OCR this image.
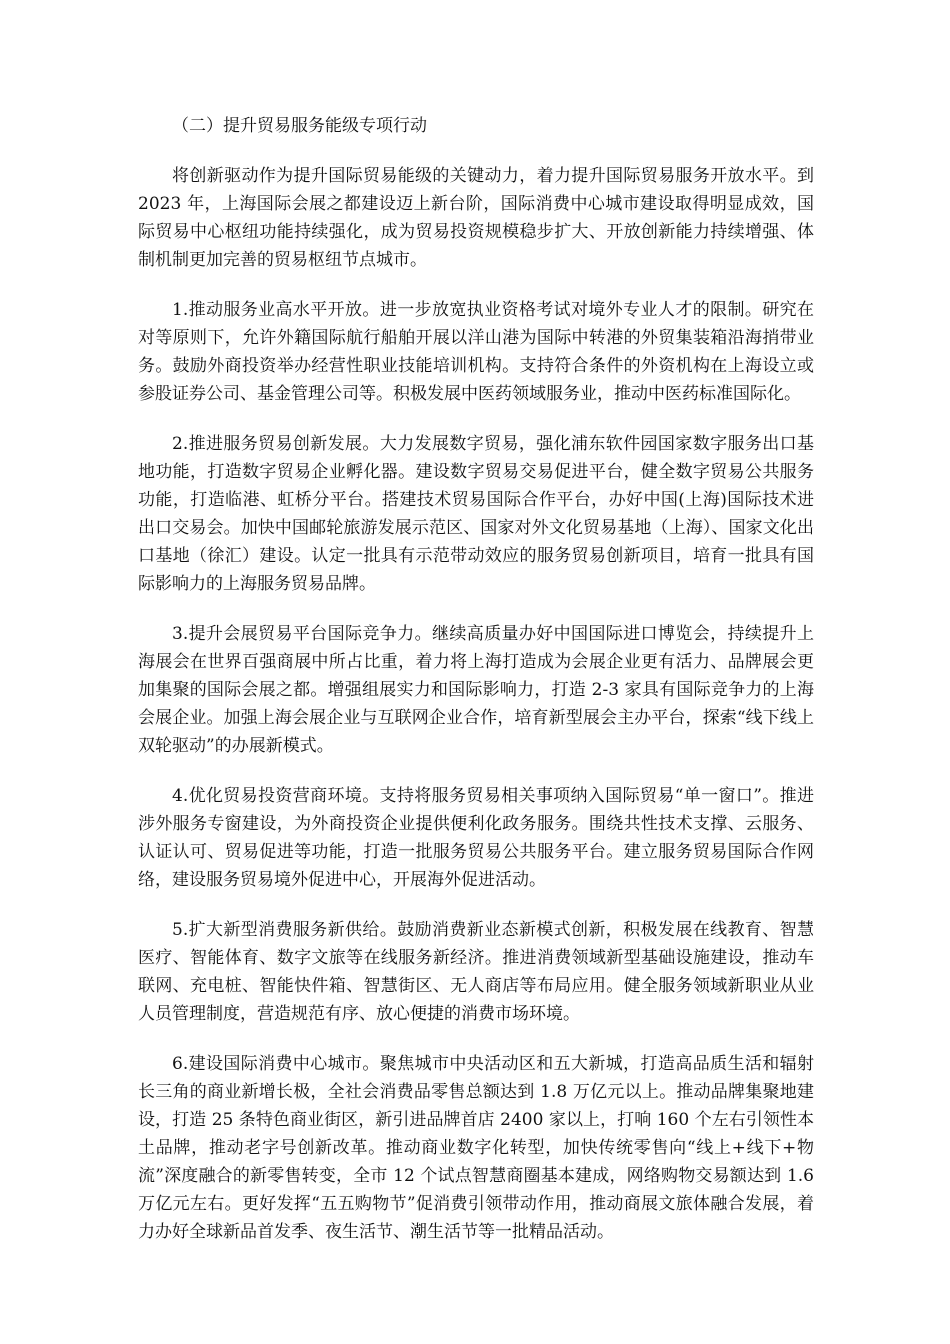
（二）提升贸易服务能级专项行动

将创新驱动作为提升国际贸易能级的关键动力，着力提升国际贸易服务开放水平。到 2023 年，上海国际会展之都建设迈上新台阶，国际消费中心城市建设取得明显成效，国际贸易中心枢纽功能持续强化，成为贸易投资规模稳步扩大、开放创新能力持续增强、体制机制更加完善的贸易枢纽节点城市。

1.推动服务业高水平开放。进一步放宽执业资格考试对境外专业人才的限制。研究在对等原则下，允许外籍国际航行船舶开展以洋山港为国际中转港的外贸集装箱沿海捎带业务。鼓励外商投资举办经营性职业技能培训机构。支持符合条件的外资机构在上海设立或参股证券公司、基金管理公司等。积极发展中医药领域服务业，推动中医药标准国际化。

2.推进服务贸易创新发展。大力发展数字贸易，强化浦东软件园国家数字服务出口基地功能，打造数字贸易企业孵化器。建设数字贸易交易促进平台，健全数字贸易公共服务功能，打造临港、虹桥分平台。搭建技术贸易国际合作平台，办好中国(上海)国际技术进出口交易会。加快中国邮轮旅游发展示范区、国家对外文化贸易基地（上海）、国家文化出口基地（徐汇）建设。认定一批具有示范带动效应的服务贸易创新项目，培育一批具有国际影响力的上海服务贸易品牌。

3.提升会展贸易平台国际竞争力。继续高质量办好中国国际进口博览会，持续提升上海展会在世界百强商展中所占比重，着力将上海打造成为会展企业更有活力、品牌展会更加集聚的国际会展之都。增强组展实力和国际影响力，打造 2-3 家具有国际竞争力的上海会展企业。加强上海会展企业与互联网企业合作，培育新型展会主办平台，探索“线下线上双轮驱动”的办展新模式。

4.优化贸易投资营商环境。支持将服务贸易相关事项纳入国际贸易“单一窗口”。推进涉外服务专窗建设，为外商投资企业提供便利化政务服务。围绕共性技术支撑、云服务、认证认可、贸易促进等功能，打造一批服务贸易公共服务平台。建立服务贸易国际合作网络，建设服务贸易境外促进中心，开展海外促进活动。

5.扩大新型消费服务新供给。鼓励消费新业态新模式创新，积极发展在线教育、智慧医疗、智能体育、数字文旅等在线服务新经济。推进消费领域新型基础设施建设，推动车联网、充电桩、智能快件箱、智慧街区、无人商店等布局应用。健全服务领域新职业从业人员管理制度，营造规范有序、放心便捷的消费市场环境。

6.建设国际消费中心城市。聚焦城市中央活动区和五大新城，打造高品质生活和辐射长三角的商业新增长极，全社会消费品零售总额达到 1.8 万亿元以上。推动品牌集聚地建设，打造 25 条特色商业街区，新引进品牌首店 2400 家以上，打响 160 个左右引领性本土品牌，推动老字号创新改革。推动商业数字化转型，加快传统零售向“线上+线下+物流”深度融合的新零售转变，全市 12 个试点智慧商圈基本建成，网络购物交易额达到 1.6 万亿元左右。更好发挥“五五购物节”促消费引领带动作用，推动商展文旅体融合发展，着力办好全球新品首发季、夜生活节、潮生活节等一批精品活动。
